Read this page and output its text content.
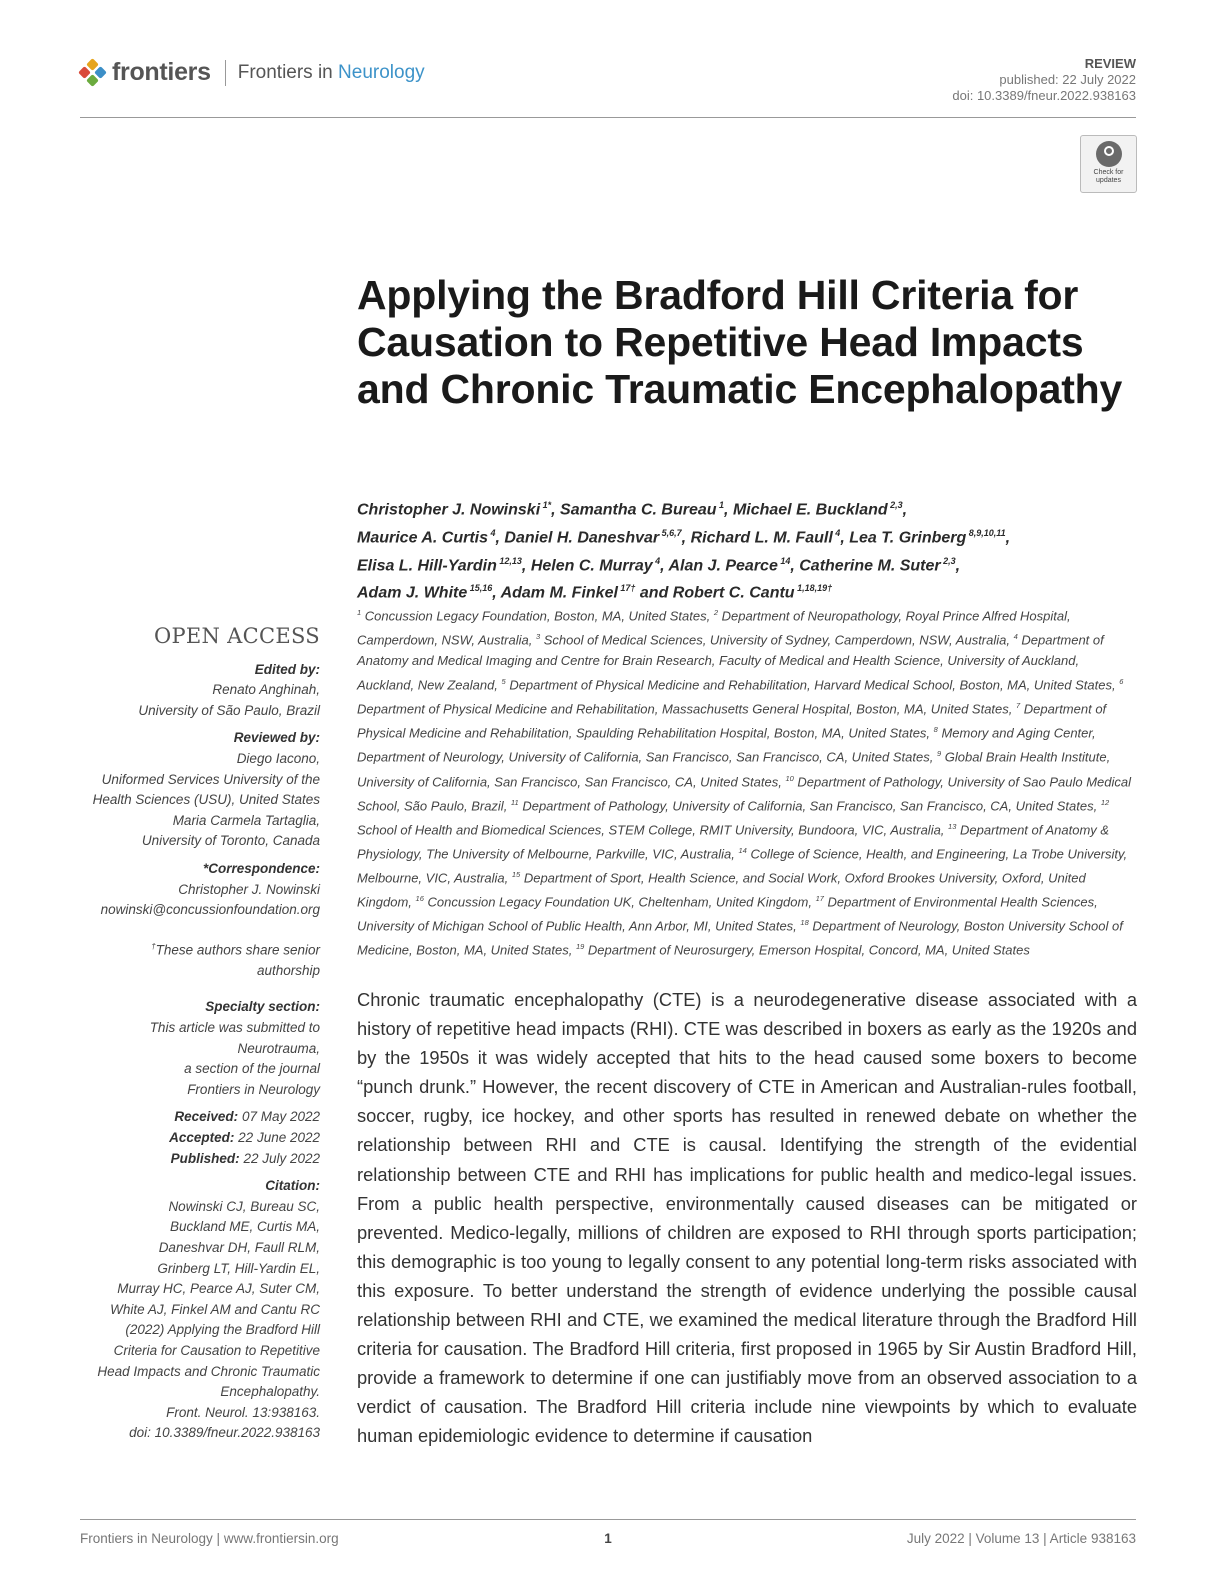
frontiers Frontiers in Neurology	REVIEW
published: 22 July 2022
doi: 10.3389/fneur.2022.938163
Check for updates
Applying the Bradford Hill Criteria for Causation to Repetitive Head Impacts and Chronic Traumatic Encephalopathy
Christopher J. Nowinski $^{1*}$, Samantha C. Bureau $^1$, Michael E. Buckland $^{2,3}$,
Maurice A. Curtis $^4$, Daniel H. Daneshvar $^{5,6,7}$, Richard L. M. Faull $^4$, Lea T. Grinberg $^{8,9,10,11}$,
Elisa L. Hill-Yardin $^{12,13}$, Helen C. Murray $^4$, Alan J. Pearce $^{14}$, Catherine M. Suter $^{2,3}$,
Adam J. White $^{15,16}$, Adam M. Finkel $^{17\dagger}$ and Robert C. Cantu $^{1,18,19\dagger}$
$^1$ Concussion Legacy Foundation, Boston, MA, United States, $^2$ Department of Neuropathology, Royal Prince Alfred Hospital, Camperdown, NSW, Australia, $^3$ School of Medical Sciences, University of Sydney, Camperdown, NSW, Australia, $^4$ Department of Anatomy and Medical Imaging and Centre for Brain Research, Faculty of Medical and Health Science, University of Auckland, Auckland, New Zealand, $^5$ Department of Physical Medicine and Rehabilitation, Harvard Medical School, Boston, MA, United States, $^6$ Department of Physical Medicine and Rehabilitation, Massachusetts General Hospital, Boston, MA, United States, $^7$ Department of Physical Medicine and Rehabilitation, Spaulding Rehabilitation Hospital, Boston, MA, United States, $^8$ Memory and Aging Center, Department of Neurology, University of California, San Francisco, San Francisco, CA, United States, $^9$ Global Brain Health Institute, University of California, San Francisco, San Francisco, CA, United States, $^{10}$ Department of Pathology, University of Sao Paulo Medical School, São Paulo, Brazil, $^{11}$ Department of Pathology, University of California, San Francisco, San Francisco, CA, United States, $^{12}$ School of Health and Biomedical Sciences, STEM College, RMIT University, Bundoora, VIC, Australia, $^{13}$ Department of Anatomy & Physiology, The University of Melbourne, Parkville, VIC, Australia, $^{14}$ College of Science, Health, and Engineering, La Trobe University, Melbourne, VIC, Australia, $^{15}$ Department of Sport, Health Science, and Social Work, Oxford Brookes University, Oxford, United Kingdom, $^{16}$ Concussion Legacy Foundation UK, Cheltenham, United Kingdom, $^{17}$ Department of Environmental Health Sciences, University of Michigan School of Public Health, Ann Arbor, MI, United States, $^{18}$ Department of Neurology, Boston University School of Medicine, Boston, MA, United States, $^{19}$ Department of Neurosurgery, Emerson Hospital, Concord, MA, United States
OPEN ACCESS
Edited by:
Renato Anghinah,
University of São Paulo, Brazil
Reviewed by:
Diego Iacono,
Uniformed Services University of the
Health Sciences (USU), United States
Maria Carmela Tartaglia,
University of Toronto, Canada
*Correspondence:
Christopher J. Nowinski
nowinski@concussionfoundation.org
†These authors share senior
authorship
Specialty section:
This article was submitted to
Neurotrauma,
a section of the journal
Frontiers in Neurology
Received: 07 May 2022
Accepted: 22 June 2022
Published: 22 July 2022
Citation:
Nowinski CJ, Bureau SC,
Buckland ME, Curtis MA,
Daneshvar DH, Faull RLM,
Grinberg LT, Hill-Yardin EL,
Murray HC, Pearce AJ, Suter CM,
White AJ, Finkel AM and Cantu RC
(2022) Applying the Bradford Hill
Criteria for Causation to Repetitive
Head Impacts and Chronic Traumatic
Encephalopathy.
Front. Neurol. 13:938163.
doi: 10.3389/fneur.2022.938163
Chronic traumatic encephalopathy (CTE) is a neurodegenerative disease associated with a history of repetitive head impacts (RHI). CTE was described in boxers as early as the 1920s and by the 1950s it was widely accepted that hits to the head caused some boxers to become “punch drunk.” However, the recent discovery of CTE in American and Australian-rules football, soccer, rugby, ice hockey, and other sports has resulted in renewed debate on whether the relationship between RHI and CTE is causal. Identifying the strength of the evidential relationship between CTE and RHI has implications for public health and medico-legal issues. From a public health perspective, environmentally caused diseases can be mitigated or prevented. Medico-legally, millions of children are exposed to RHI through sports participation; this demographic is too young to legally consent to any potential long-term risks associated with this exposure. To better understand the strength of evidence underlying the possible causal relationship between RHI and CTE, we examined the medical literature through the Bradford Hill criteria for causation. The Bradford Hill criteria, first proposed in 1965 by Sir Austin Bradford Hill, provide a framework to determine if one can justifiably move from an observed association to a verdict of causation. The Bradford Hill criteria include nine viewpoints by which to evaluate human epidemiologic evidence to determine if causation
Frontiers in Neurology | www.frontiersin.org	1	July 2022 | Volume 13 | Article 938163
